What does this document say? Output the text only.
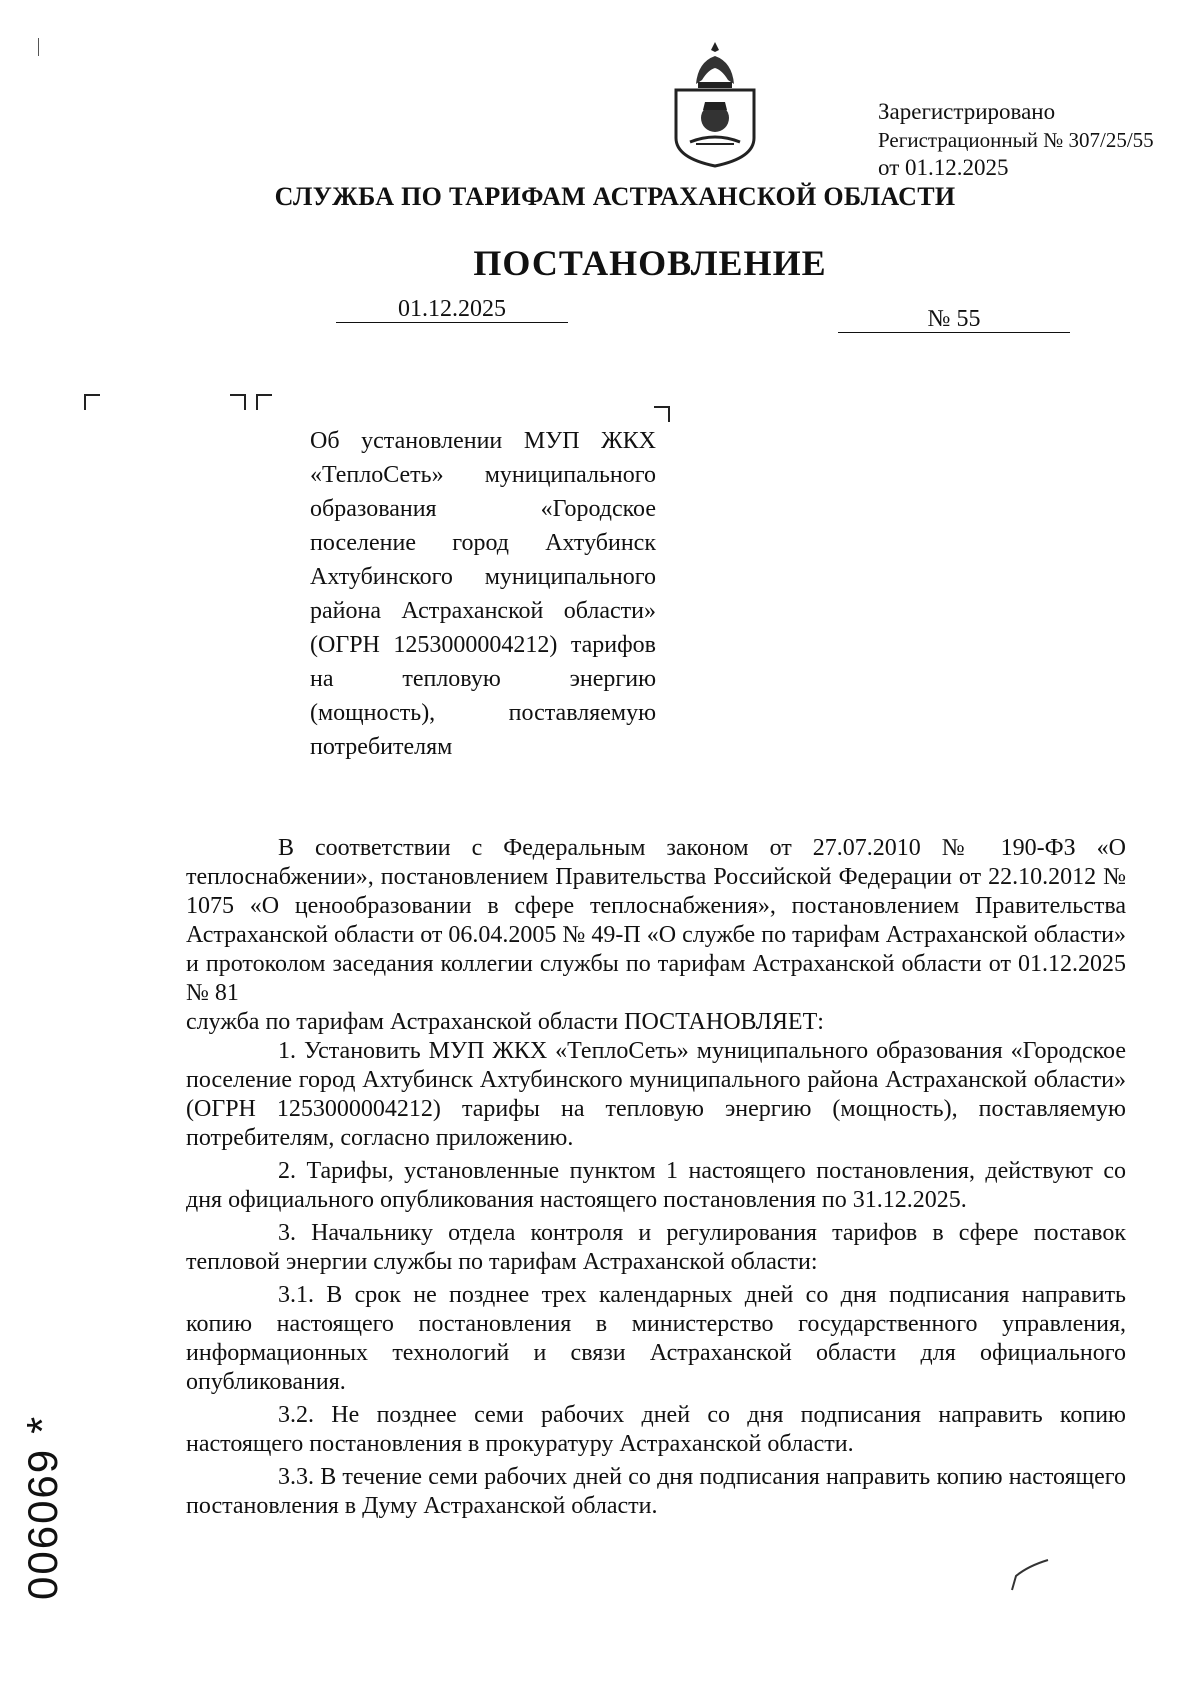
Зарегистрировано
Регистрационный № 307/25/55
от 01.12.2025
СЛУЖБА ПО ТАРИФАМ АСТРАХАНСКОЙ ОБЛАСТИ
ПОСТАНОВЛЕНИЕ
01.12.2025	№ 55
Об установлении МУП ЖКХ «ТеплоСеть» муниципального образования «Городское поселение город Ахтубинск Ахтубинского муниципального района Астраханской области» (ОГРН 1253000004212) тарифов на тепловую энергию (мощность), поставляемую потребителям

В соответствии с Федеральным законом от 27.07.2010 № 190-ФЗ «О теплоснабжении», постановлением Правительства Российской Федерации от 22.10.2012 № 1075 «О ценообразовании в сфере теплоснабжения», постановлением Правительства Астраханской области от 06.04.2005 № 49-П «О службе по тарифам Астраханской области» и протоколом заседания коллегии службы по тарифам Астраханской области от 01.12.2025 № 81

служба по тарифам Астраханской области ПОСТАНОВЛЯЕТ:

1. Установить МУП ЖКХ «ТеплоСеть» муниципального образования «Городское поселение город Ахтубинск Ахтубинского муниципального района Астраханской области» (ОГРН 1253000004212) тарифы на тепловую энергию (мощность), поставляемую потребителям, согласно приложению.

2. Тарифы, установленные пунктом 1 настоящего постановления, действуют со дня официального опубликования настоящего постановления по 31.12.2025.

3. Начальнику отдела контроля и регулирования тарифов в сфере поставок тепловой энергии службы по тарифам Астраханской области:

3.1. В срок не позднее трех календарных дней со дня подписания направить копию настоящего постановления в министерство государственного управления, информационных технологий и связи Астраханской области для официального опубликования.

3.2. Не позднее семи рабочих дней со дня подписания направить копию настоящего постановления в прокуратуру Астраханской области.

3.3. В течение семи рабочих дней со дня подписания направить копию настоящего постановления в Думу Астраханской области.

006069*
